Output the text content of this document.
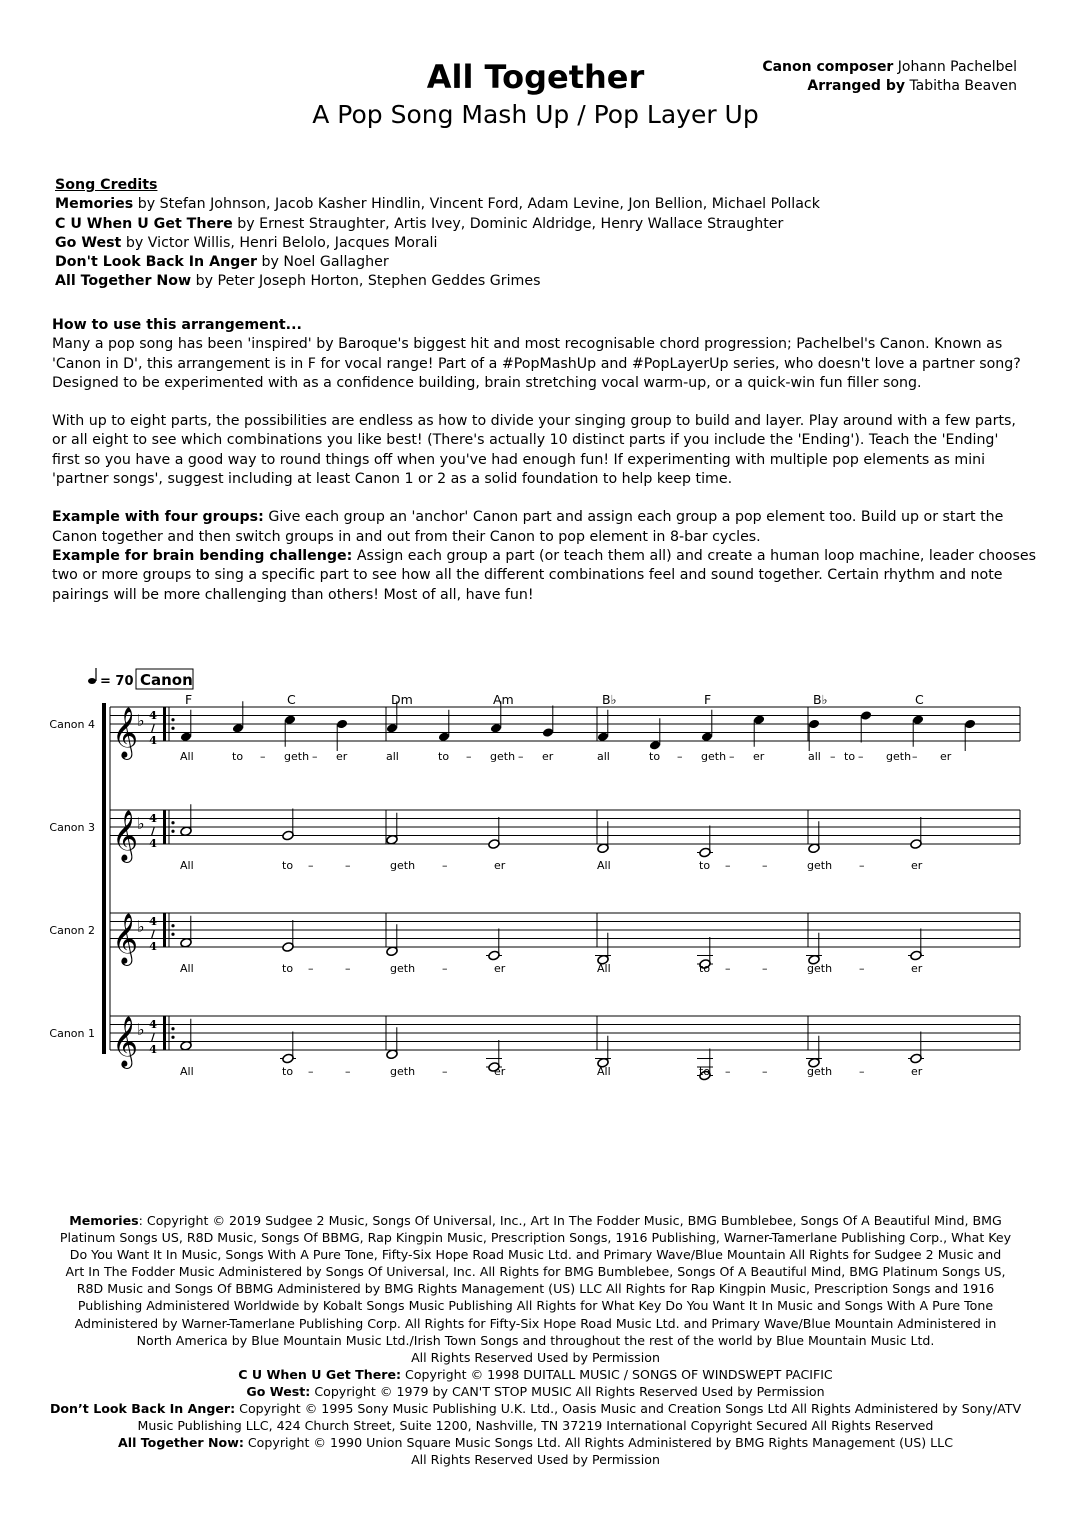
All Together
A Pop Song Mash Up / Pop Layer Up
Canon composer Johann Pachelbel
Arranged by Tabitha Beaven
Song Credits
Memories by Stefan Johnson, Jacob Kasher Hindlin, Vincent Ford, Adam Levine, Jon Bellion, Michael Pollack
C U When U Get There by Ernest Straughter, Artis Ivey, Dominic Aldridge, Henry Wallace Straughter
Go West by Victor Willis, Henri Belolo, Jacques Morali
Don't Look Back In Anger by Noel Gallagher
All Together Now by Peter Joseph Horton, Stephen Geddes Grimes
How to use this arrangement...
Many a pop song has been 'inspired' by Baroque's biggest hit and most recognisable chord progression; Pachelbel's Canon. Known as
'Canon in D', this arrangement is in F for vocal range! Part of a #PopMashUp and #PopLayerUp series, who doesn't love a partner song?
Designed to be experimented with as a confidence building, brain stretching vocal warm-up, or a quick-win fun filler song.
With up to eight parts, the possibilities are endless as how to divide your singing group to build and layer. Play around with a few parts,
or all eight to see which combinations you like best! (There's actually 10 distinct parts if you include the 'Ending'). Teach the 'Ending'
first so you have a good way to round things off when you've had enough fun! If experimenting with multiple pop elements as mini
'partner songs', suggest including at least Canon 1 or 2 as a solid foundation to help keep time.
Example with four groups: Give each group an 'anchor' Canon part and assign each group a pop element too. Build up or start the
Canon together and then switch groups in and out from their Canon to pop element in 8-bar cycles.
Example for brain bending challenge: Assign each group a part (or teach them all) and create a human loop machine, leader chooses
two or more groups to sing a specific part to see how all the different combinations feel and sound together. Certain rhythm and note
pairings will be more challenging than others! Most of all, have fun!
= 70 Canon
F	C	Dm	Am	B♭	F	B♭	C
Canon 4 𝄞
♭ 4/4
All	to – geth – er	all	to – geth – er	all	to – geth – er	all – to – geth – er
Canon 3 𝄞
♭ 4/4
All	to –	–	geth –	er	All	to –	–	geth –	er
Canon 2 𝄞
♭ 4/4
All	to –	–	geth –	er	All	to –	–	geth –	er
Canon 1 𝄞
♭ 4/4
All	to –	–	geth –	er	All	to –	–	geth –	er
Memories: Copyright © 2019 Sudgee 2 Music, Songs Of Universal, Inc., Art In The Fodder Music, BMG Bumblebee, Songs Of A Beautiful Mind, BMG
Platinum Songs US, R8D Music, Songs Of BBMG, Rap Kingpin Music, Prescription Songs, 1916 Publishing, Warner-Tamerlane Publishing Corp., What Key
Do You Want It In Music, Songs With A Pure Tone, Fifty-Six Hope Road Music Ltd. and Primary Wave/Blue Mountain All Rights for Sudgee 2 Music and
Art In The Fodder Music Administered by Songs Of Universal, Inc. All Rights for BMG Bumblebee, Songs Of A Beautiful Mind, BMG Platinum Songs US,
R8D Music and Songs Of BBMG Administered by BMG Rights Management (US) LLC All Rights for Rap Kingpin Music, Prescription Songs and 1916
Publishing Administered Worldwide by Kobalt Songs Music Publishing All Rights for What Key Do You Want It In Music and Songs With A Pure Tone
Administered by Warner-Tamerlane Publishing Corp. All Rights for Fifty-Six Hope Road Music Ltd. and Primary Wave/Blue Mountain Administered in
North America by Blue Mountain Music Ltd./Irish Town Songs and throughout the rest of the world by Blue Mountain Music Ltd.
All Rights Reserved Used by Permission
C U When U Get There: Copyright © 1998 DUITALL MUSIC / SONGS OF WINDSWEPT PACIFIC
Go West: Copyright © 1979 by CAN'T STOP MUSIC All Rights Reserved Used by Permission
Don’t Look Back In Anger: Copyright © 1995 Sony Music Publishing U.K. Ltd., Oasis Music and Creation Songs Ltd All Rights Administered by Sony/ATV
Music Publishing LLC, 424 Church Street, Suite 1200, Nashville, TN 37219 International Copyright Secured All Rights Reserved
All Together Now: Copyright © 1990 Union Square Music Songs Ltd. All Rights Administered by BMG Rights Management (US) LLC
All Rights Reserved Used by Permission
